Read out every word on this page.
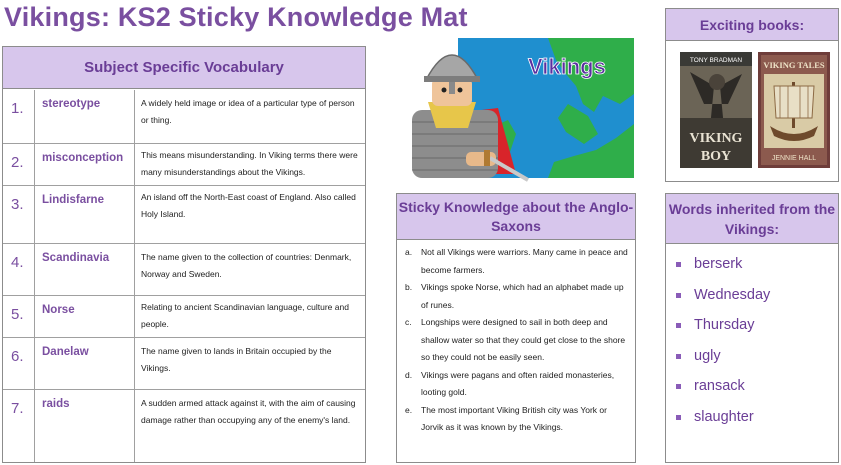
Vikings: KS2 Sticky Knowledge Mat
Subject Specific Vocabulary
1. stereotype	A widely held image or idea of a particular type of person or thing.
2. misconception This means misunderstanding. In Viking terms there were many misunderstandings about the Vikings.
3. Lindisfarne	An island off the North-East coast of England. Also called Holy Island.
4. Scandinavia	The name given to the collection of countries: Denmark, Norway and Sweden.
5. Norse	Relating to ancient Scandinavian language, culture and people.
6. Danelaw	The name given to lands in Britain occupied by the Vikings.
7. raids	A sudden armed attack against it, with the aim of causing damage rather than occupying any of the enemy's land.
Vikings
Sticky Knowledge about the Anglo-Saxons
a. Not all Vikings were warriors. Many came in peace and become farmers.
b. Vikings spoke Norse, which had an alphabet made up of runes.
c. Longships were designed to sail in both deep and shallow water so that they could get close to the shore so they could not be easily seen.
d. Vikings were pagans and often raided monasteries, looting gold.
e. The most important Viking British city was York or Jorvik as it was known by the Vikings.
Exciting books:
TONY BRADMAN
VIKING
BOY
VIKING TALES
JENNIE HALL
Words inherited from the Vikings:
berserk
Wednesday
Thursday
ugly
ransack
slaughter
